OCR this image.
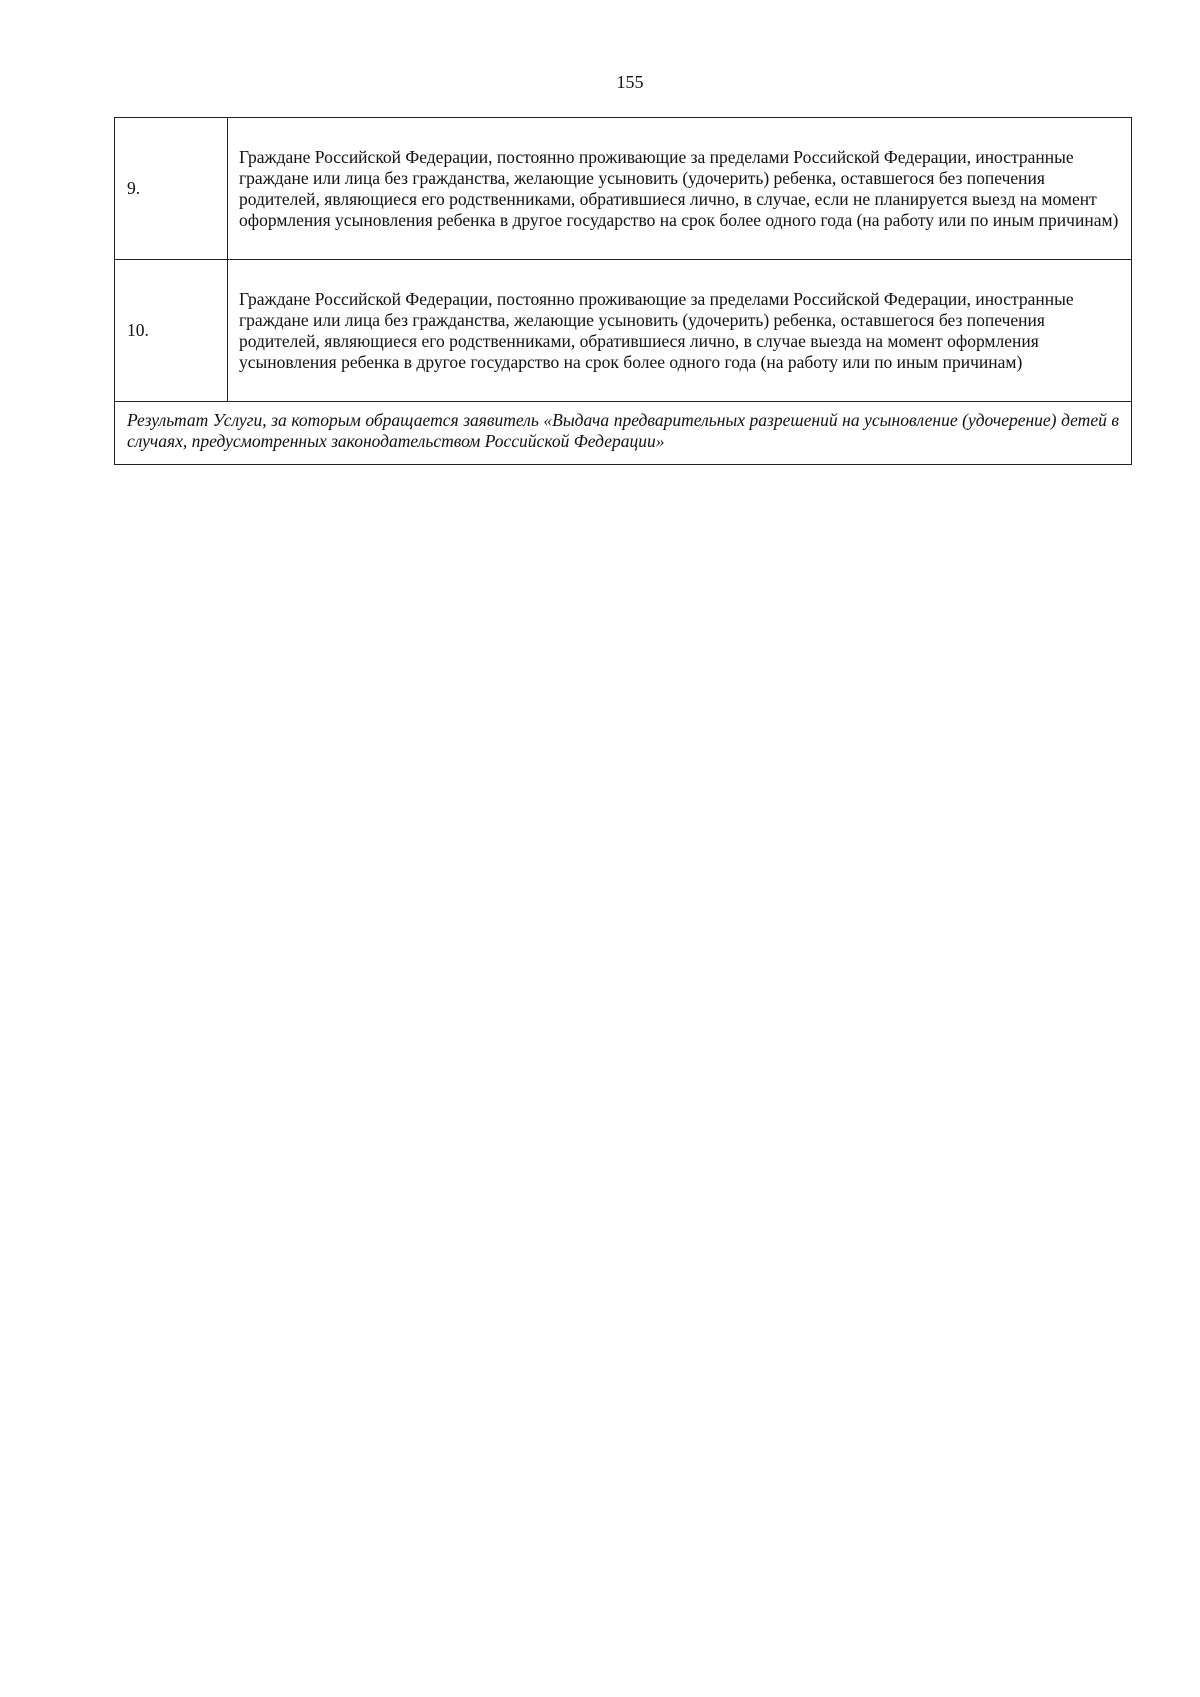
155
9.	Граждане Российской Федерации, постоянно проживающие за пределами Российской Федерации, иностранные граждане или лица без гражданства, желающие усыновить (удочерить) ребенка, оставшегося без попечения родителей, являющиеся его родственниками, обратившиеся лично, в случае, если не планируется выезд на момент оформления усыновления ребенка в другое государство на срок более одного года (на работу или по иным причинам)
10.	Граждане Российской Федерации, постоянно проживающие за пределами Российской Федерации, иностранные граждане или лица без гражданства, желающие усыновить (удочерить) ребенка, оставшегося без попечения родителей, являющиеся его родственниками, обратившиеся лично, в случае выезда на момент оформления усыновления ребенка в другое государство на срок более одного года (на работу или по иным причинам)
Результат Услуги, за которым обращается заявитель «Выдача предварительных разрешений на усыновление (удочерение) детей в случаях, предусмотренных законодательством Российской Федерации»	
